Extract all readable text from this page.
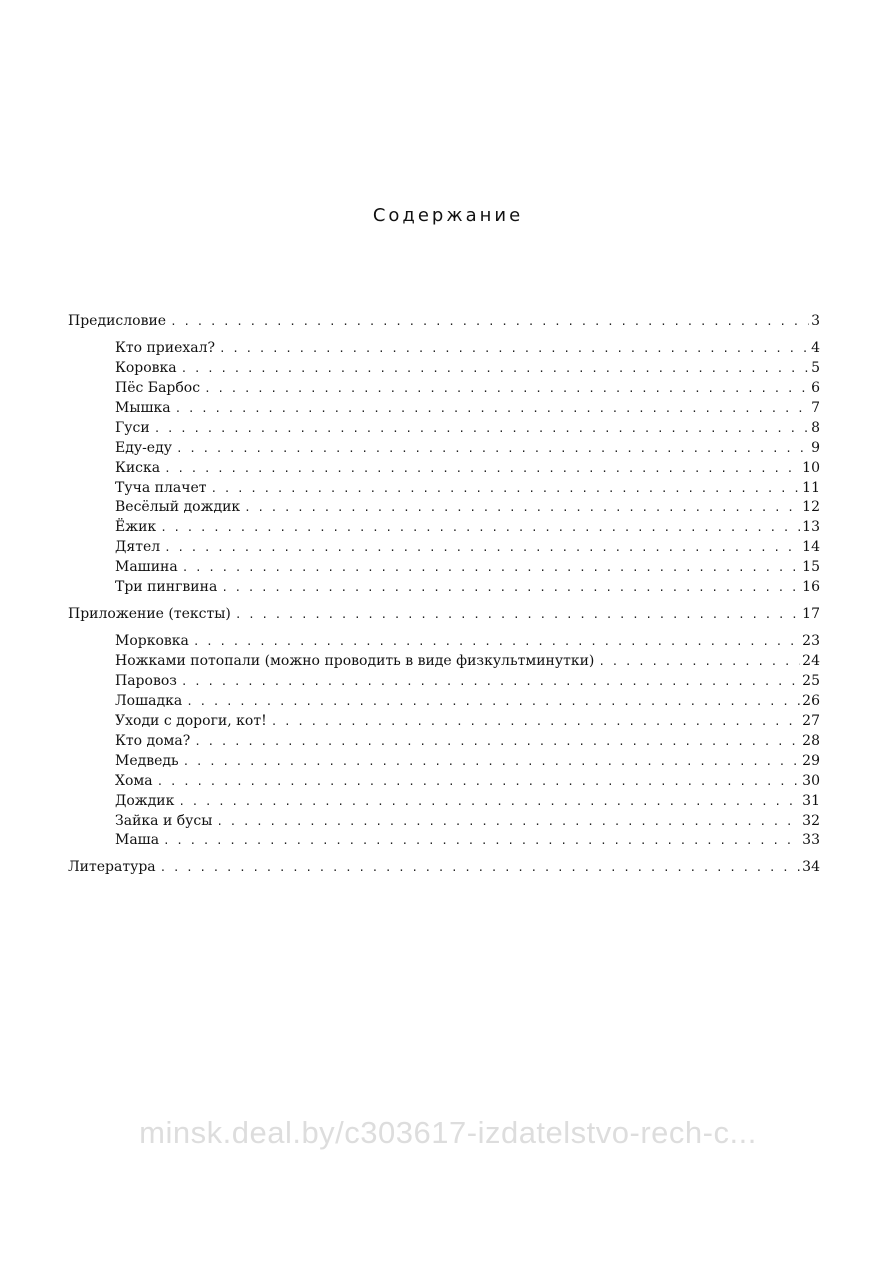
Содержание
Предисловие . . .	3
Кто приехал? . . .	4
Коровка . . .	5
Пёс Барбос . . .	6
Мышка . . .	7
Гуси . . .	8
Еду-еду . . .	9
Киска . . .	10
Туча плачет . . .	11
Весёлый дождик . . .	12
Ёжик . . .	13
Дятел . . .	14
Машина . . .	15
Три пингвина . . .	16
Приложение (тексты) . . .	17
Морковка . . .	23
Ножками потопали (можно проводить в виде физкультминутки) . . .	24
Паровоз . . .	25
Лошадка . . .	26
Уходи с дороги, кот! . . .	27
Кто дома? . . .	28
Медведь . . .	29
Хома . . .	30
Дождик . . .	31
Зайка и бусы . . .	32
Маша . . .	33
Литература . . .	34
minsk.deal.by/c303617-izdatelstvo-rech-c...
